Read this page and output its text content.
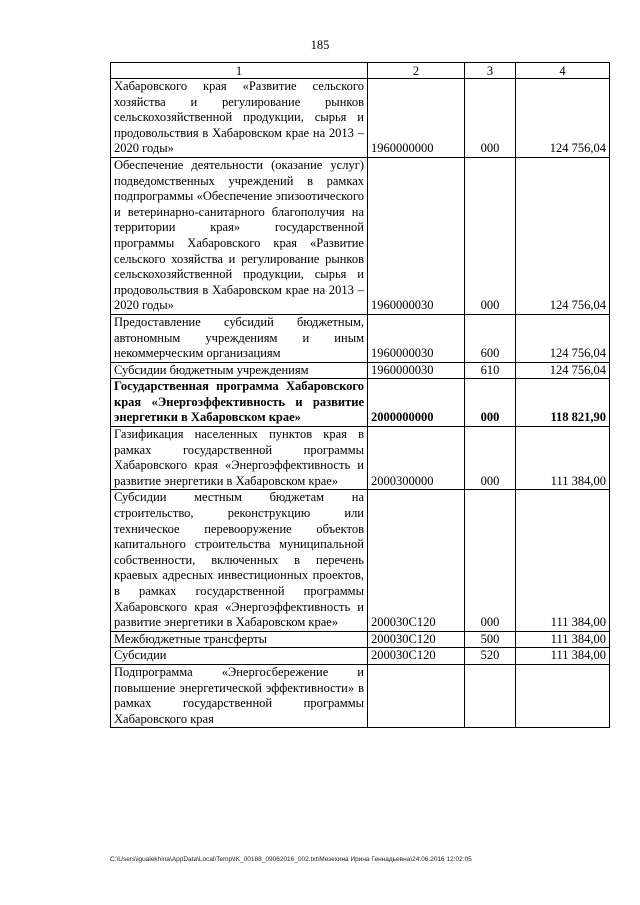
185
1	2	3	4
Хабаровского края «Развитие сельского хозяйства и регулирование рынков сельскохозяйственной продукции, сырья и продовольствия в Хабаровском крае на 2013 – 2020 годы»	1960000000	000	124 756,04
Обеспечение деятельности (оказание услуг) подведомственных учреждений в рамках подпрограммы «Обеспечение эпизоотического и ветеринарно-санитарного благополучия на территории края» государственной программы Хабаровского края «Развитие сельского хозяйства и регулирование рынков сельскохозяйственной продукции, сырья и продовольствия в Хабаровском крае на 2013 – 2020 годы»	1960000030	000	124 756,04
Предоставление субсидий бюджетным, автономным учреждениям и иным некоммерческим организациям	1960000030	600	124 756,04
Субсидии бюджетным учреждениям	1960000030	610	124 756,04
Государственная программа Хабаровского края «Энергоэффективность и развитие энергетики в Хабаровском крае»	2000000000	000	118 821,90
Газификация населенных пунктов края в рамках государственной программы Хабаровского края «Энергоэффективность и развитие энергетики в Хабаровском крае»	2000300000	000	111 384,00
Субсидии местным бюджетам на строительство, реконструкцию или техническое перевооружение объектов капитального строительства муниципальной собственности, включенных в перечень краевых адресных инвестиционных проектов, в рамках государственной программы Хабаровского края «Энергоэффективность и развитие энергетики в Хабаровском крае»	200030С120	000	111 384,00
Межбюджетные трансферты	200030С120	500	111 384,00
Субсидии	200030С120	520	111 384,00
Подпрограмма «Энергосбережение и повышение энергетической эффективности» в рамках государственной программы Хабаровского края			
C:\Users\igualekhina\AppData\Local\Temp\IK_00188_09062016_002.txt\Мезехина Ирина Геннадьевна\24.06.2016 12:02:05
